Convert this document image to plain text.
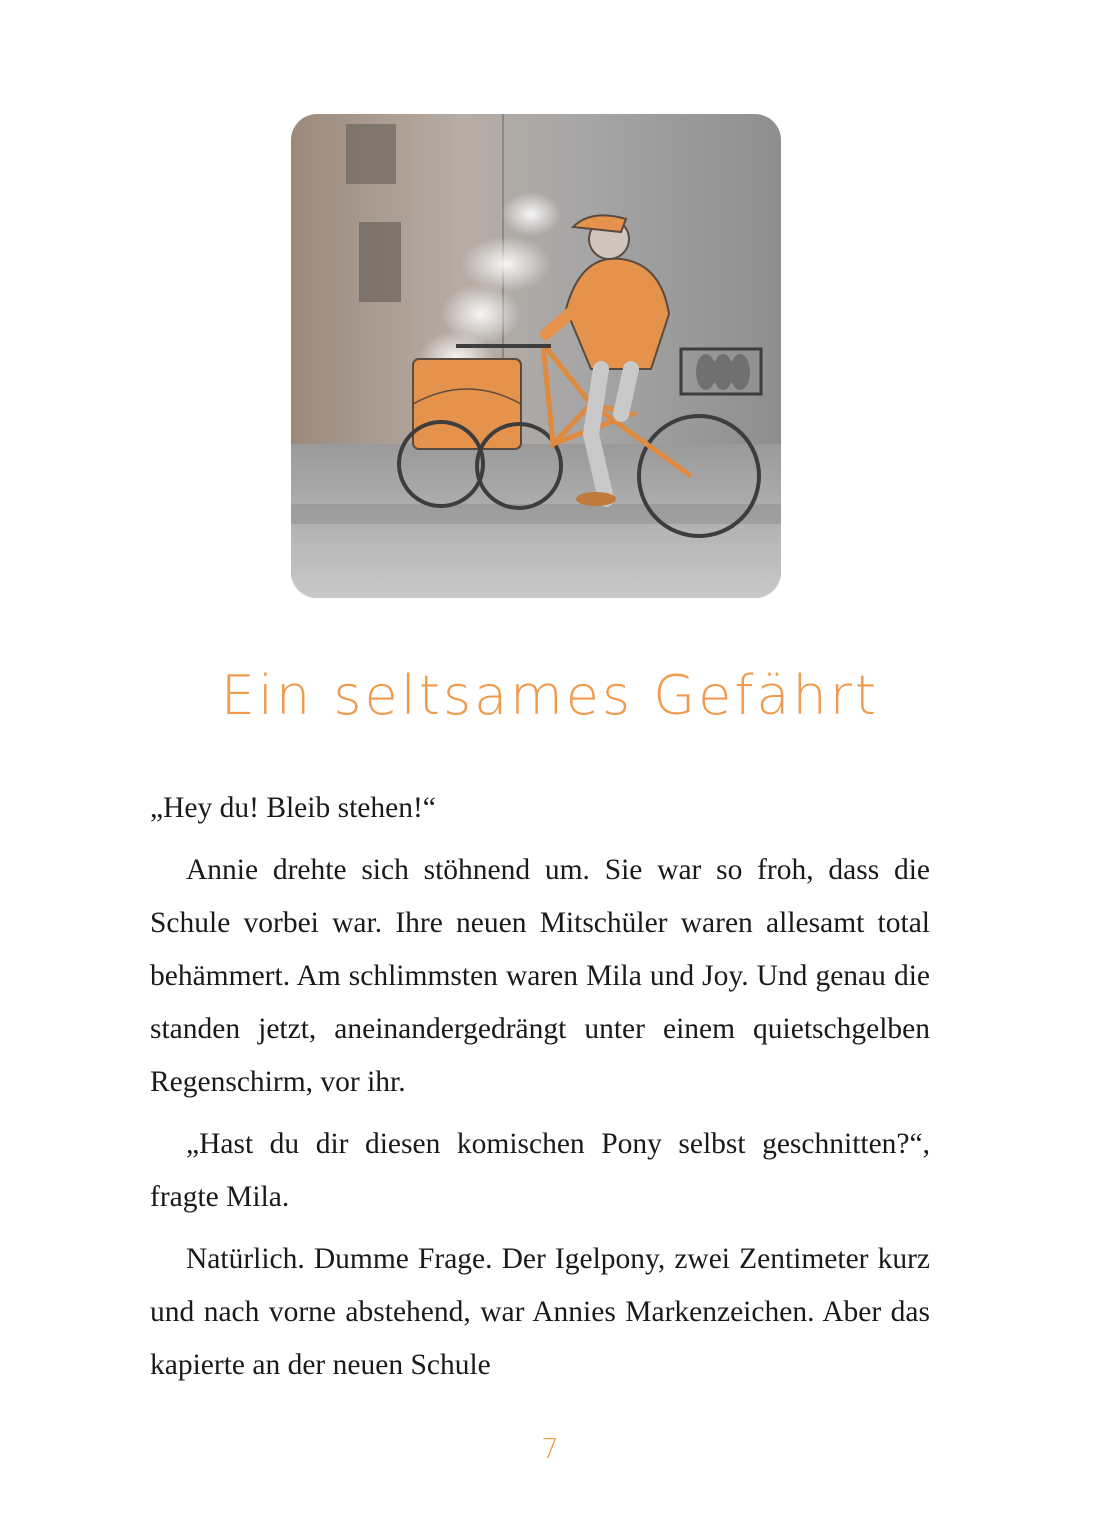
Ein seltsames Gefährt

„Hey du! Bleib stehen!“

Annie drehte sich stöhnend um. Sie war so froh, dass die Schule vorbei war. Ihre neuen Mitschüler waren allesamt total behämmert. Am schlimmsten waren Mila und Joy. Und genau die standen jetzt, aneinandergedrängt unter einem quietschgelben Regenschirm, vor ihr.

„Hast du dir diesen komischen Pony selbst geschnitten?“, fragte Mila.

Natürlich. Dumme Frage. Der Igelpony, zwei Zentimeter kurz und nach vorne abstehend, war Annies Markenzeichen. Aber das kapierte an der neuen Schule

7
